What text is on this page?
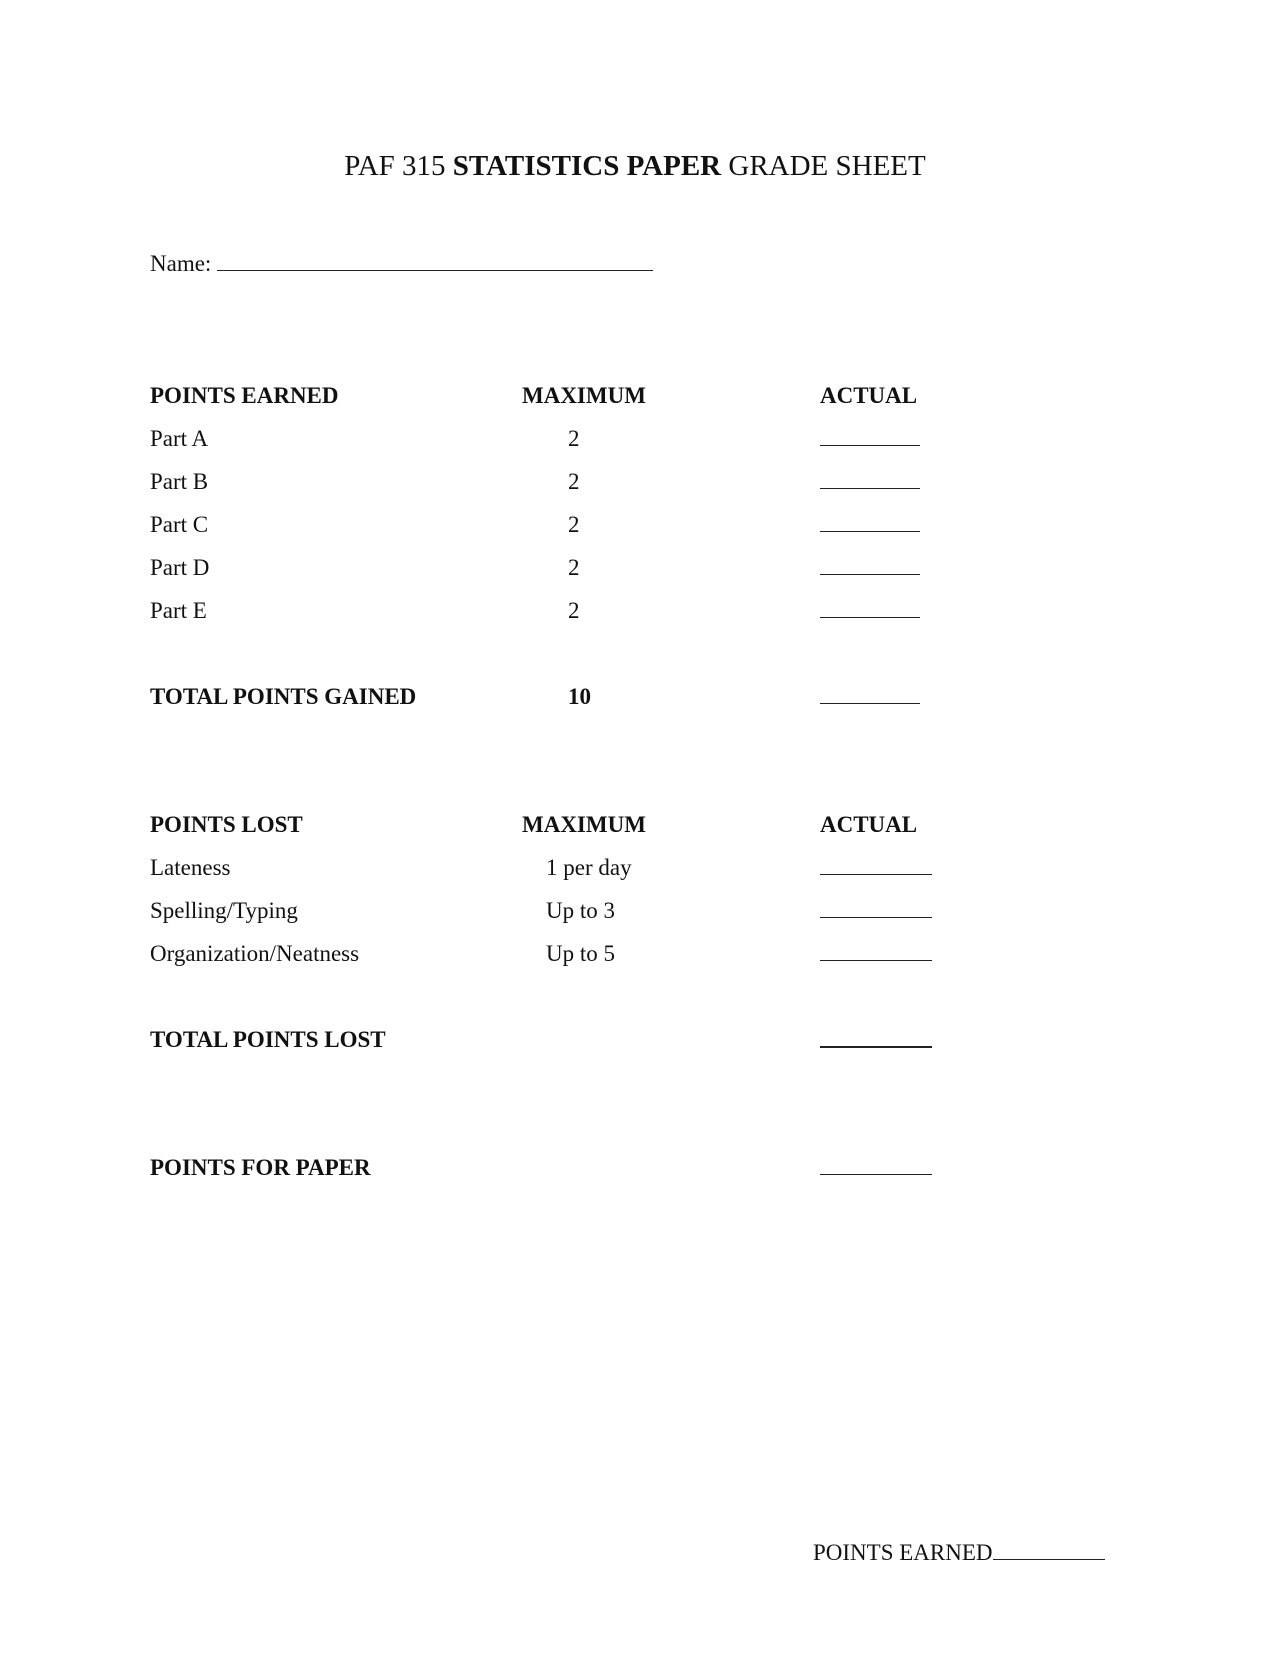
PAF 315 STATISTICS PAPER GRADE SHEET
Name:
POINTS EARNED	MAXIMUM	ACTUAL
Part A	2
Part B	2
Part C	2
Part D	2
Part E	2
TOTAL POINTS GAINED	10
POINTS LOST	MAXIMUM	ACTUAL
Lateness	1 per day
Spelling/Typing	Up to 3
Organization/Neatness	Up to 5
TOTAL POINTS LOST
POINTS FOR PAPER
POINTS EARNED
